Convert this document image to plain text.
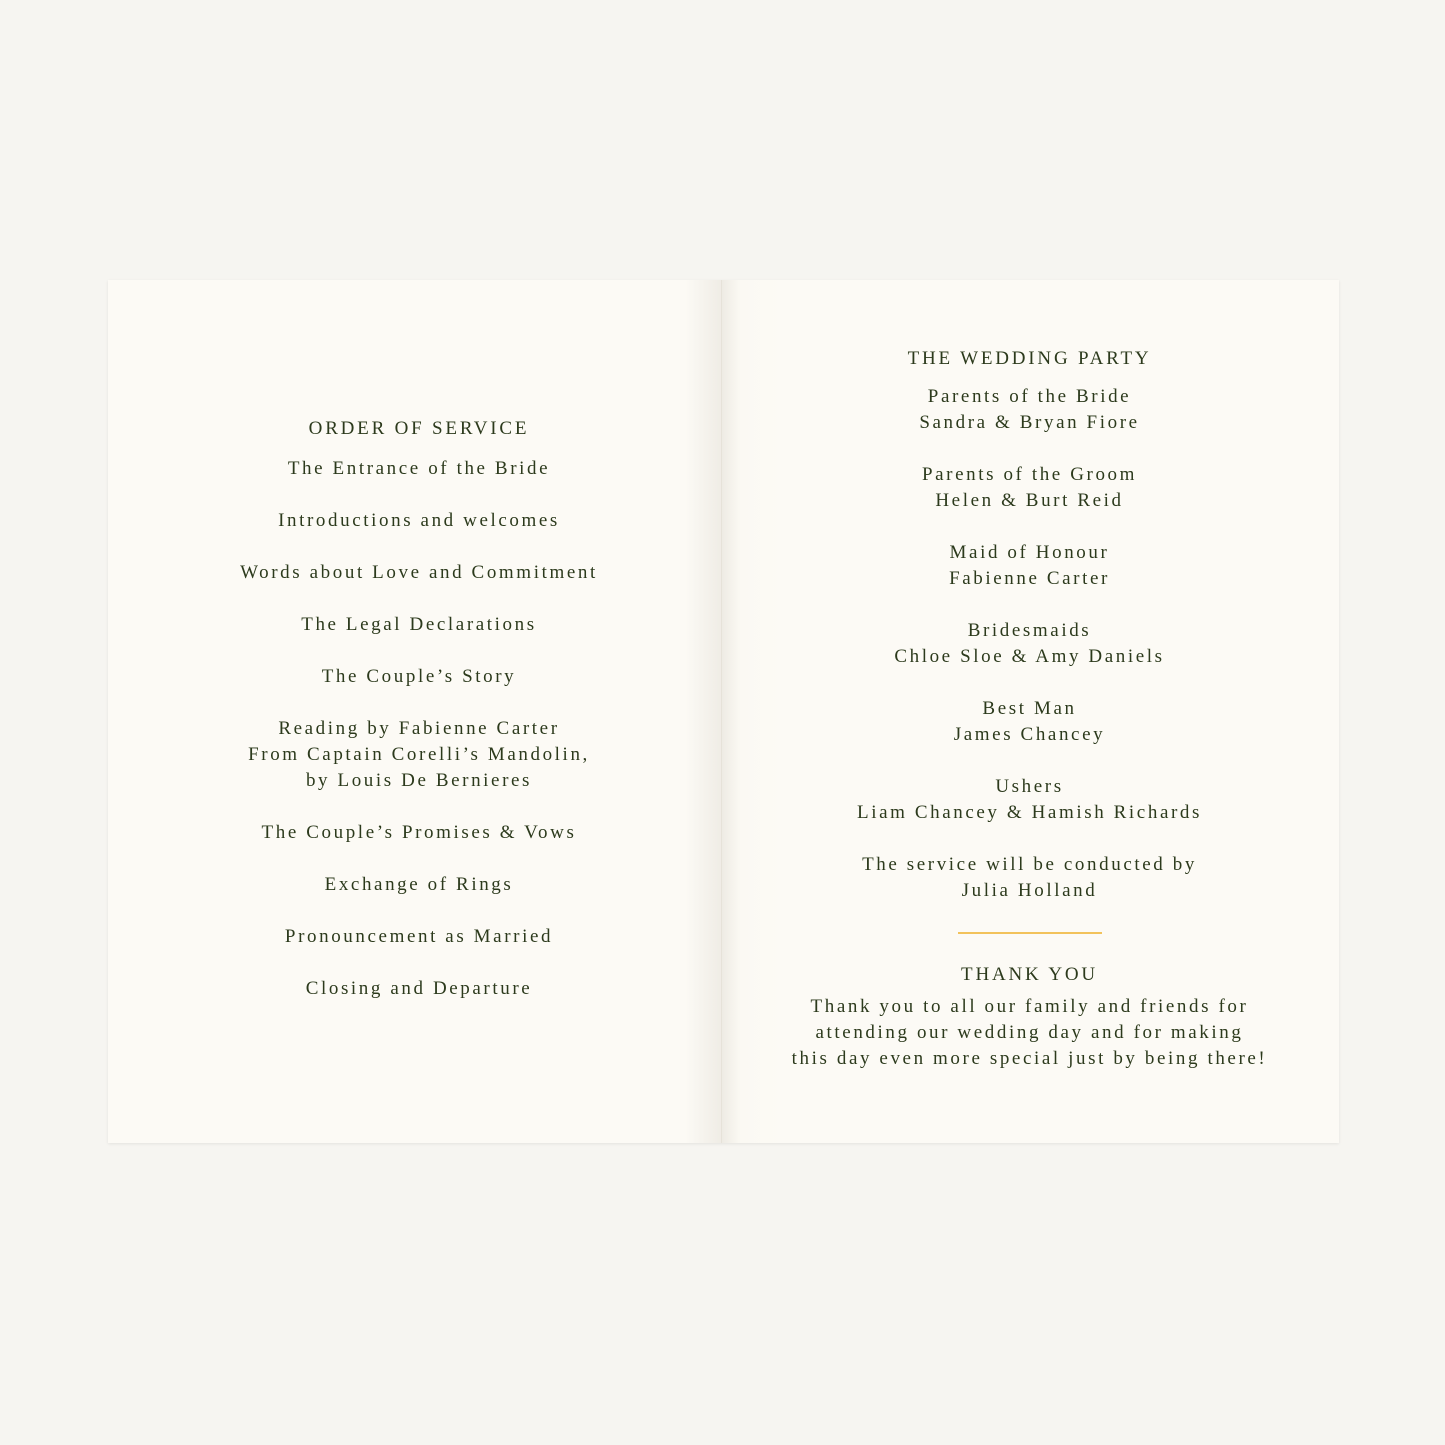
ORDER OF SERVICE
The Entrance of the Bride
Introductions and welcomes
Words about Love and Commitment
The Legal Declarations
The Couple’s Story
Reading by Fabienne Carter
From Captain Corelli’s Mandolin,
by Louis De Bernieres
The Couple’s Promises & Vows
Exchange of Rings
Pronouncement as Married
Closing and Departure
THE WEDDING PARTY
Parents of the Bride
Sandra & Bryan Fiore
Parents of the Groom
Helen & Burt Reid
Maid of Honour
Fabienne Carter
Bridesmaids
Chloe Sloe & Amy Daniels
Best Man
James Chancey
Ushers
Liam Chancey & Hamish Richards
The service will be conducted by
Julia Holland
THANK YOU
Thank you to all our family and friends for
attending our wedding day and for making
this day even more special just by being there!
